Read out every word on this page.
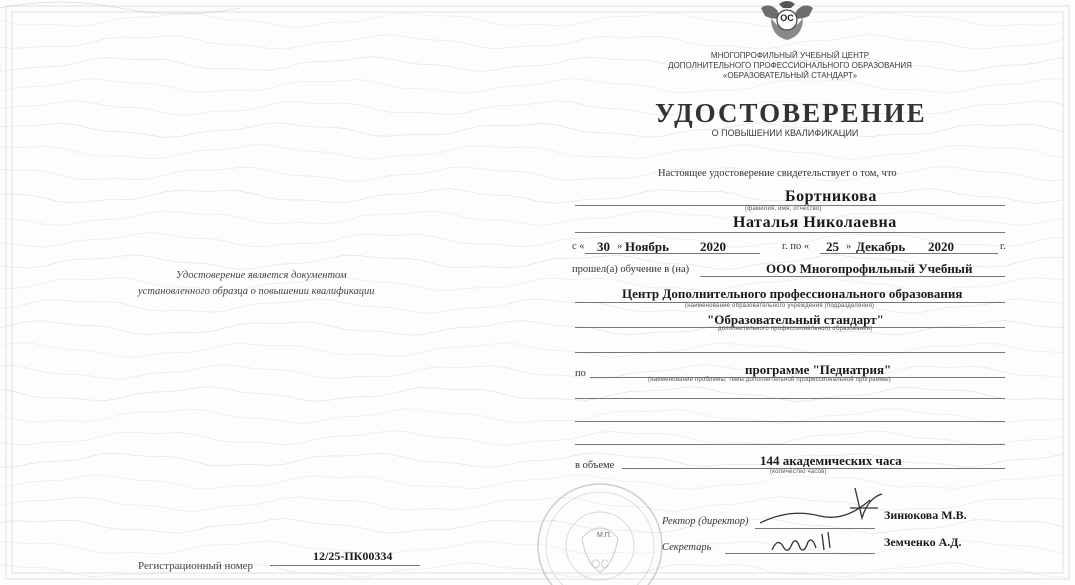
ОС
МНОГОПРОФИЛЬНЫЙ УЧЕБНЫЙ ЦЕНТР
ДОПОЛНИТЕЛЬНОГО ПРОФЕССИОНАЛЬНОГО ОБРАЗОВАНИЯ
«ОБРАЗОВАТЕЛЬНЫЙ СТАНДАРТ»
УДОСТОВЕРЕНИЕ
О ПОВЫШЕНИИ КВАЛИФИКАЦИИ
Настоящее удостоверение свидетельствует о том, что
Бортникова
(фамилия, имя, отчество)
Наталья Николаевна
с « 30 » Ноябрь 2020	г. по « 25 » Декабрь 2020	г.
прошел(а) обучение в (на)	ООО Многопрофильный Учебный
Центр Дополнительного профессионального образования
(наименование образовательного учреждения (подразделения)
"Образовательный стандарт"
дополнительного профессионального образования)
по	программе "Педиатрия"
(наименование проблемы, темы дополнительной профессиональной программы)
в объеме	144 академических часа
(количество часов)
ОС
М.П.
Ректор (директор)	Зинюкова М.В.
Секретарь	Земченко А.Д.
Удостоверение является документом
установленного образца о повышении квалификации
Регистрационный номер
12/25-ПК00334
